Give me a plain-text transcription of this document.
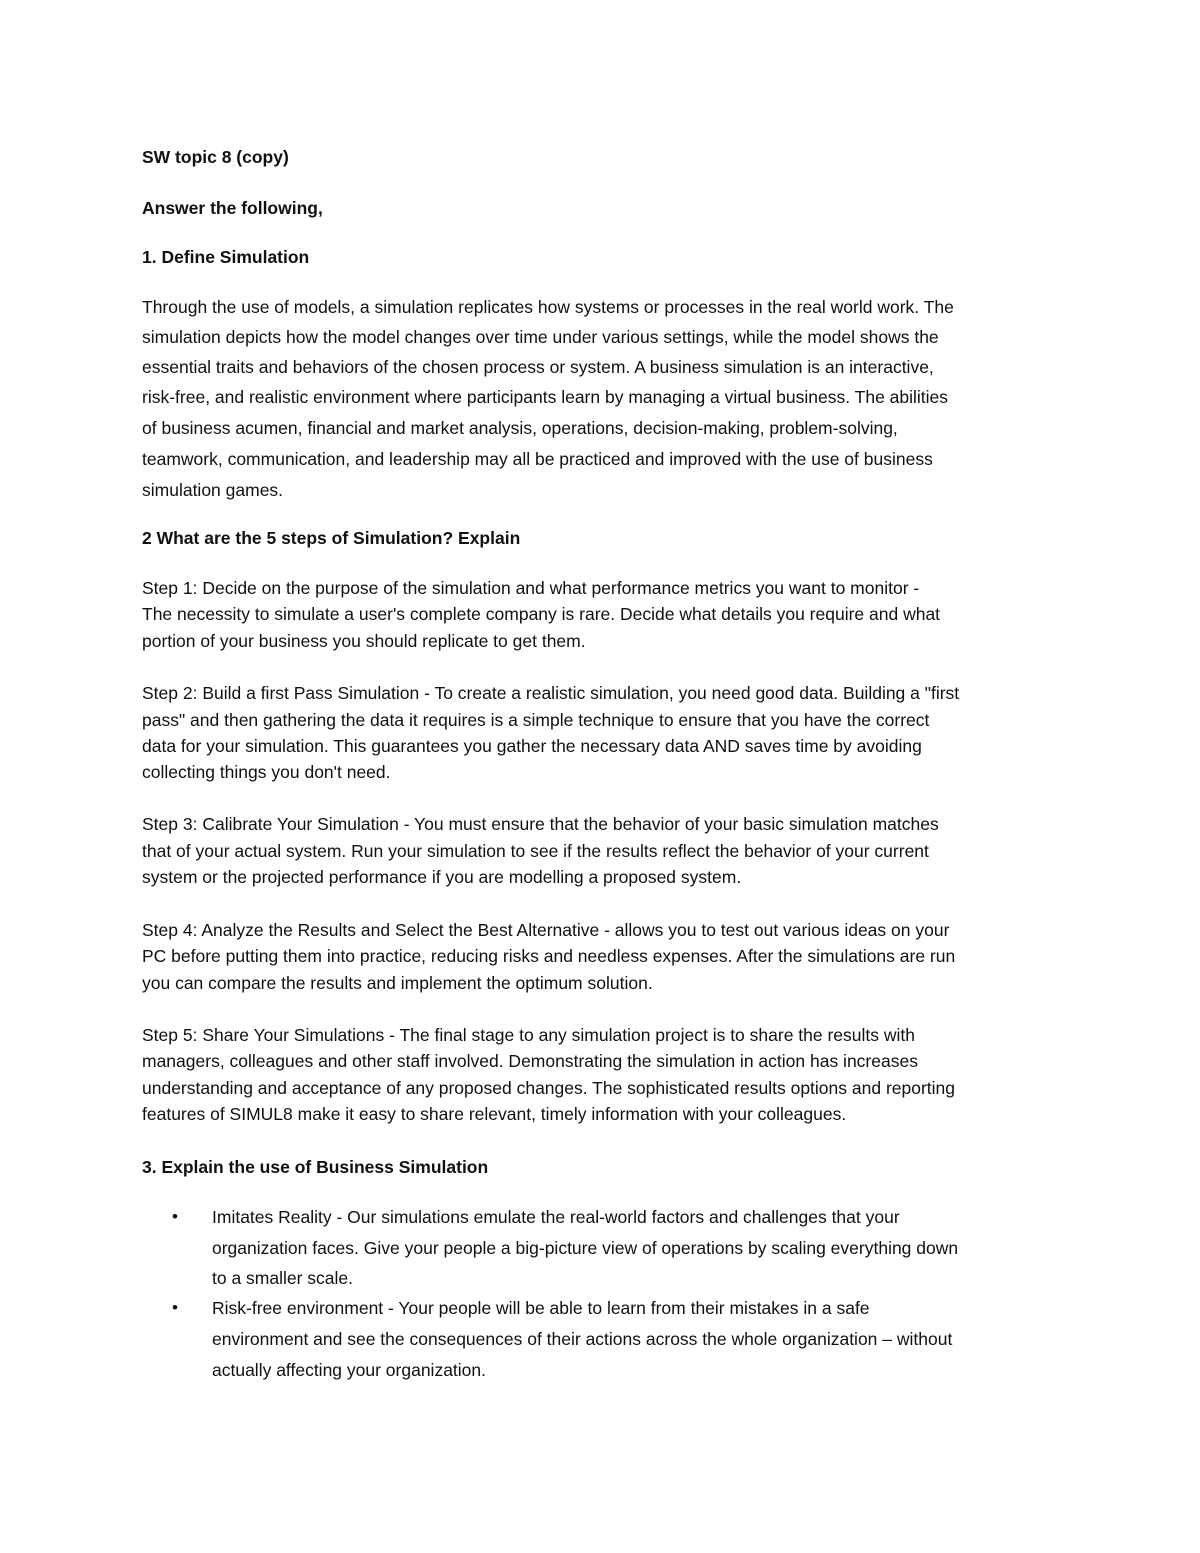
SW topic 8 (copy)
Answer the following,
1. Define Simulation
Through the use of models, a simulation replicates how systems or processes in the real world work. The
simulation depicts how the model changes over time under various settings, while the model shows the
essential traits and behaviors of the chosen process or system. A business simulation is an interactive,
risk-free, and realistic environment where participants learn by managing a virtual business. The abilities
of business acumen, financial and market analysis, operations, decision-making, problem-solving,
teamwork, communication, and leadership may all be practiced and improved with the use of business
simulation games.
2 What are the 5 steps of Simulation? Explain
Step 1: Decide on the purpose of the simulation and what performance metrics you want to monitor -
The necessity to simulate a user's complete company is rare. Decide what details you require and what
portion of your business you should replicate to get them.
Step 2: Build a first Pass Simulation - To create a realistic simulation, you need good data. Building a "first
pass" and then gathering the data it requires is a simple technique to ensure that you have the correct
data for your simulation. This guarantees you gather the necessary data AND saves time by avoiding
collecting things you don't need.
Step 3: Calibrate Your Simulation - You must ensure that the behavior of your basic simulation matches
that of your actual system. Run your simulation to see if the results reflect the behavior of your current
system or the projected performance if you are modelling a proposed system.
Step 4: Analyze the Results and Select the Best Alternative - allows you to test out various ideas on your
PC before putting them into practice, reducing risks and needless expenses. After the simulations are run
you can compare the results and implement the optimum solution.
Step 5: Share Your Simulations - The final stage to any simulation project is to share the results with
managers, colleagues and other staff involved. Demonstrating the simulation in action has increases
understanding and acceptance of any proposed changes. The sophisticated results options and reporting
features of SIMUL8 make it easy to share relevant, timely information with your colleagues.
3. Explain the use of Business Simulation
• Imitates Reality - Our simulations emulate the real-world factors and challenges that your
organization faces. Give your people a big-picture view of operations by scaling everything down
to a smaller scale.
• Risk-free environment - Your people will be able to learn from their mistakes in a safe
environment and see the consequences of their actions across the whole organization – without
actually affecting your organization.
